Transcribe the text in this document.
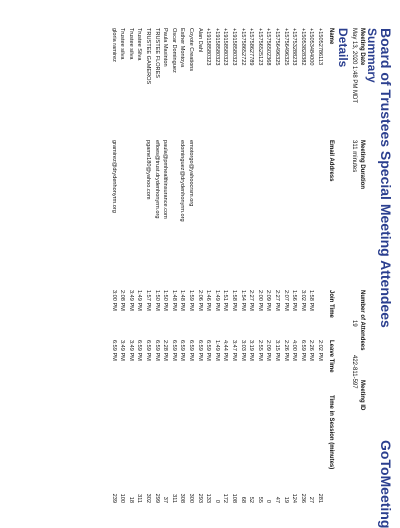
Board of Trustees Special Meeting Attendees
GoToMeeting
Summary
Meeting Date
May 13, 2020 1:48 PM MDT
Meeting Duration
311 minutes
Number of Attendees
19
Meeting ID
422-811-597
Details
Name
Email Address
Join Time
Leave Time
Time in Session (minutes)
+15052786113
2:02 PM
281
+15053484000
1:58 PM
2:26 PM
27
+15053828382
3:02 PM
6:59 PM
236
+15753288233
1:56 PM
4:00 PM
124
+15756496325
2:07 PM
2:26 PM
19
+15756496325
2:27 PM
3:15 PM
47
+15756502368
2:09 PM
2:09 PM
0
+15756525123
2:00 PM
2:55 PM
55
+15758627789
2:27 PM
3:19 PM
52
+15758652722
1:54 PM
3:03 PM
68
+19158580323
1:58 PM
3:47 PM
108
+19158580323
1:51 PM
4:44 PM
172
+19158580323
1:49 PM
1:49 PM
0
+19158580323
1:46 PM
6:59 PM
133
Alan Dahl
2:06 PM
6:59 PM
293
Coyote Creations
emotorgo@yahoocrsm.org
1:59 PM
6:59 PM
300
Esther Montoya
edominguez@drydenhonyrm.org
1:48 PM
6:59 PM
308
Oscar Dominguez
1:48 PM
6:59 PM
311
Paula Maxinton
paula@pmhealthinsurance.com
1:50 PM
2:28 PM
37
TRUSTEE FLORES
efloes@trust.drydenhonyrm.org
1:50 PM
6:59 PM
299
TRUSTEE GAMEROS
pgame180@yahoo.com
1:57 PM
6:59 PM
302
Trustee Silva
1:49 PM
6:59 PM
311
Trustee silva
3:49 PM
3:49 PM
18
Trustee silva
2:08 PM
3:49 PM
100
gloria ramirez
gramirez@drydenhonyrm.org
3:00 PM
6:59 PM
239
